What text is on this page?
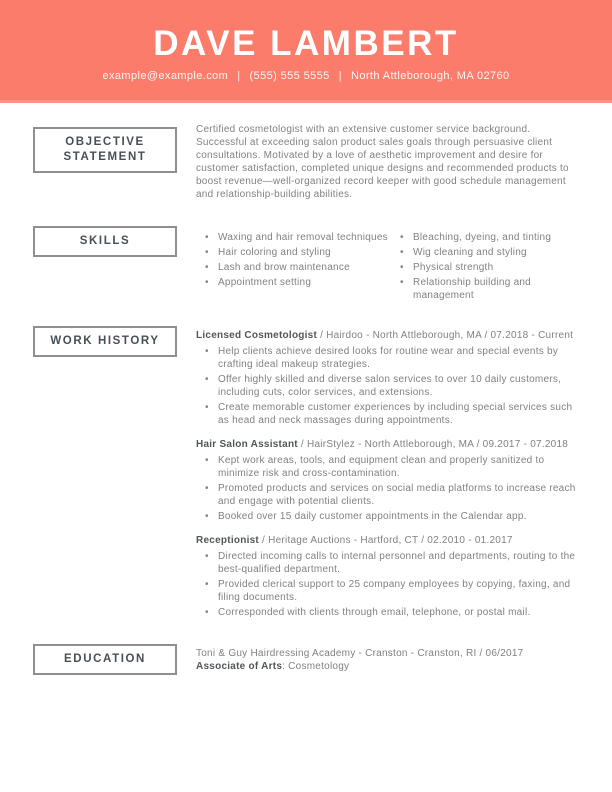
DAVE LAMBERT
example@example.com | (555) 555 5555 | North Attleborough, MA 02760
OBJECTIVE STATEMENT

Certified cosmetologist with an extensive customer service background. Successful at exceeding salon product sales goals through persuasive client consultations. Motivated by a love of aesthetic improvement and desire for customer satisfaction, completed unique designs and recommended products to boost revenue—well-organized record keeper with good schedule management and relationship-building abilities.

SKILLS	• Waxing and hair removal techniques
• Hair coloring and styling
• Lash and brow maintenance
• Appointment setting
• Bleaching, dyeing, and tinting
• Wig cleaning and styling
• Physical strength
• Relationship building and management
WORK HISTORY	Licensed Cosmetologist / Hairdoo - North Attleborough, MA / 07.2018 - Current

• Help clients achieve desired looks for routine wear and special events by crafting ideal makeup strategies.
• Offer highly skilled and diverse salon services to over 10 daily customers, including cuts, color services, and extensions.
• Create memorable customer experiences by including special services such as head and neck massages during appointments.

Hair Salon Assistant / HairStylez - North Attleborough, MA / 09.2017 - 07.2018

• Kept work areas, tools, and equipment clean and properly sanitized to minimize risk and cross-contamination.
• Promoted products and services on social media platforms to increase reach and engage with potential clients.
• Booked over 15 daily customer appointments in the Calendar app.

Receptionist / Heritage Auctions - Hartford, CT / 02.2010 - 01.2017

• Directed incoming calls to internal personnel and departments, routing to the best-qualified department.
• Provided clerical support to 25 company employees by copying, faxing, and filing documents.
• Corresponded with clients through email, telephone, or postal mail.
EDUCATION	Toni & Guy Hairdressing Academy - Cranston - Cranston, RI / 06/2017

Associate of Arts: Cosmetology
